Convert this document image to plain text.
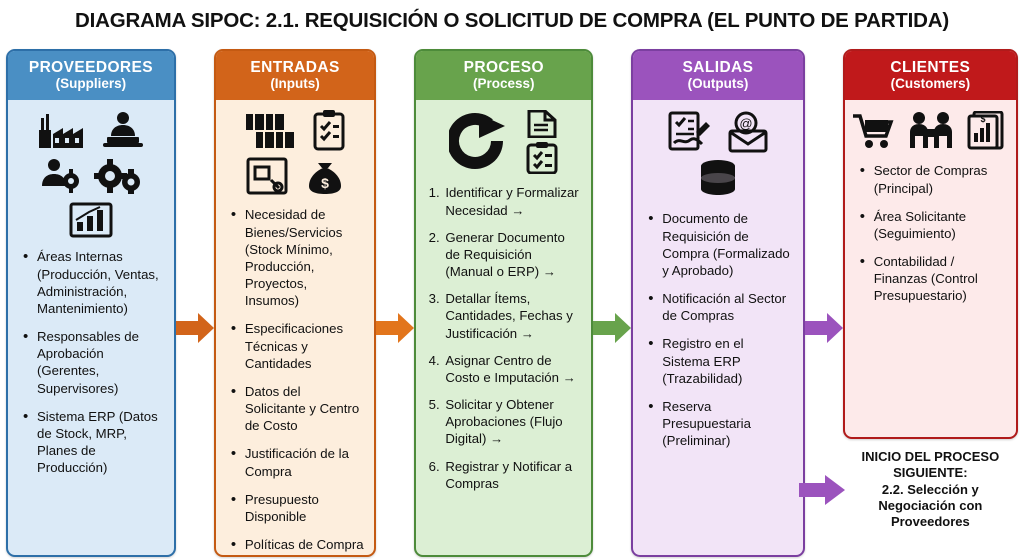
DIAGRAMA SIPOC: 2.1. REQUISICIÓN O SOLICITUD DE COMPRA (EL PUNTO DE PARTIDA)
PROVEEDORES
(Suppliers)
• Áreas Internas (Producción, Ventas, Administración, Mantenimiento)
• Responsables de Aprobación (Gerentes, Supervisores)
• Sistema ERP (Datos de Stock, MRP, Planes de Producción)
ENTRADAS
(Inputs)
$
• Necesidad de Bienes/Servicios (Stock Mínimo, Producción, Proyectos, Insumos)
• Especificaciones Técnicas y Cantidades
• Datos del Solicitante y Centro de Costo
• Justificación de la Compra
• Presupuesto Disponible
• Políticas de Compra
PROCESO
(Process)
1. Identificar y Formalizar Necesidad →
2. Generar Documento de Requisición (Manual o ERP) →
3. Detallar Ítems, Cantidades, Fechas y Justificación →
4. Asignar Centro de Costo e Imputación →
5. Solicitar y Obtener Aprobaciones (Flujo Digital) →
6. Registrar y Notificar a Compras
SALIDAS
(Outputs)
@
• Documento de Requisición de Compra (Formalizado y Aprobado)
• Notificación al Sector de Compras
• Registro en el Sistema ERP (Trazabilidad)
• Reserva Presupuestaria (Preliminar)
CLIENTES
(Customers)
$
• Sector de Compras (Principal)
• Área Solicitante (Seguimiento)
• Contabilidad / Finanzas (Control Presupuestario)
INICIO DEL PROCESO SIGUIENTE:
2.2. Selección y Negociación con Proveedores
